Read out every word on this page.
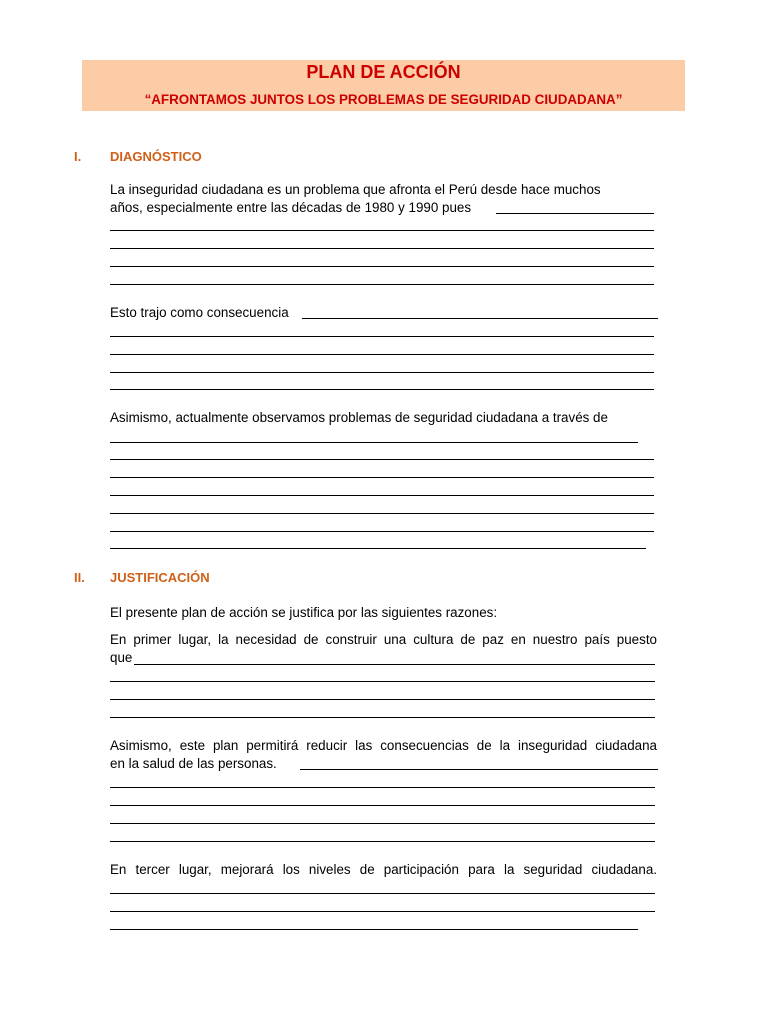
PLAN DE ACCIÓN
“AFRONTAMOS JUNTOS LOS PROBLEMAS DE SEGURIDAD CIUDADANA”
I. DIAGNÓSTICO
La inseguridad ciudadana es un problema que afronta el Perú desde hace muchos
años, especialmente entre las décadas de 1980 y 1990 pues
Esto trajo como consecuencia
Asimismo, actualmente observamos problemas de seguridad ciudadana a través de
II. JUSTIFICACIÓN
El presente plan de acción se justifica por las siguientes razones:
En primer lugar, la necesidad de construir una cultura de paz en nuestro país puesto
que
Asimismo, este plan permitirá reducir las consecuencias de la inseguridad ciudadana
en la salud de las personas.
En tercer lugar, mejorará los niveles de participación para la seguridad ciudadana.
